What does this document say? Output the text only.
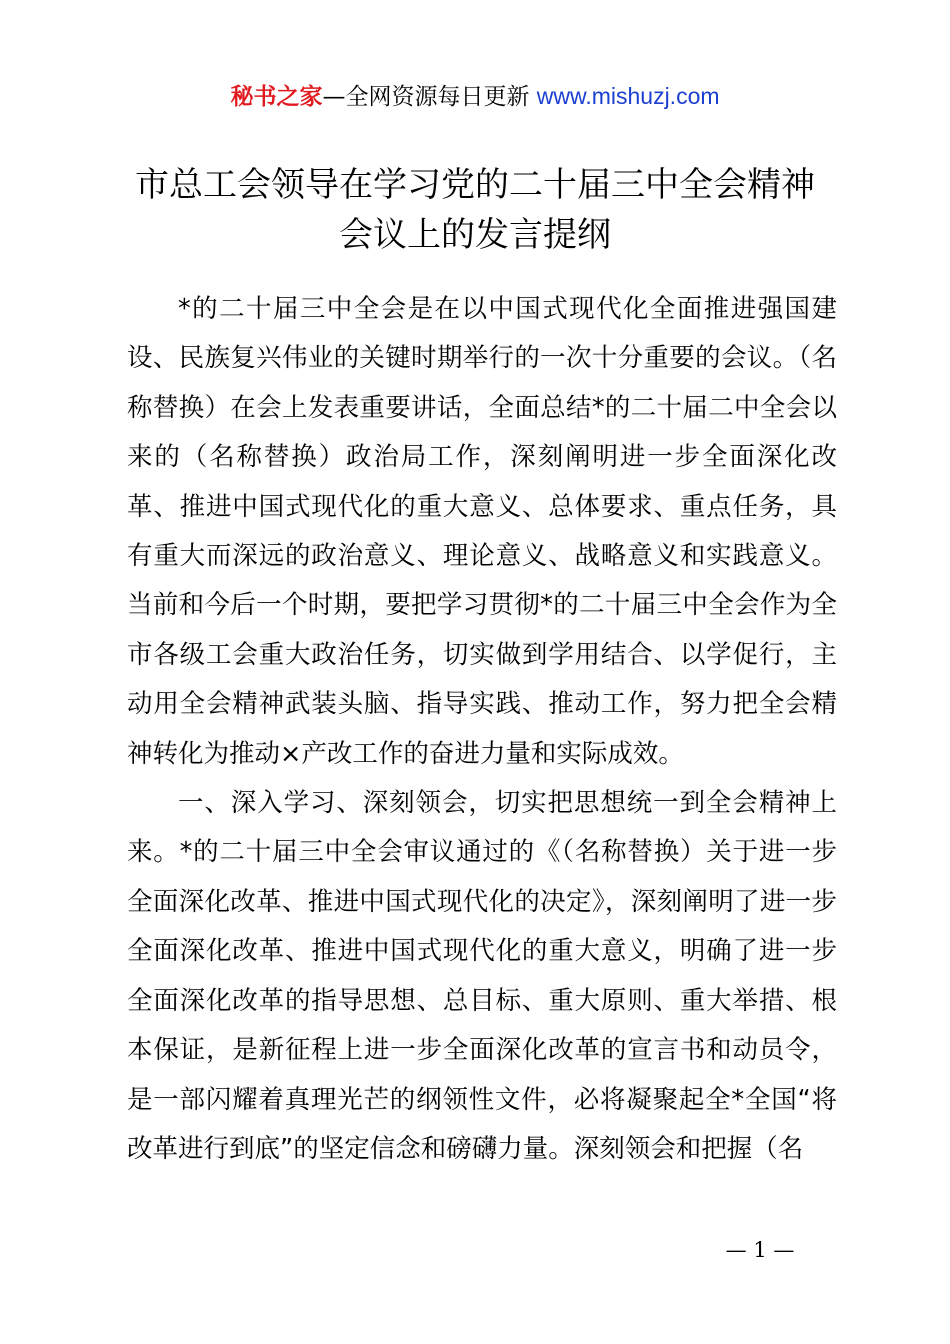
秘书之家—全网资源每日更新 www.mishuzj.com
市总工会领导在学习党的二十届三中全会精神
会议上的发言提纲

*的二十届三中全会是在以中国式现代化全面推进强国建设、民族复兴伟业的关键时期举行的一次十分重要的会议。（名称替换）在会上发表重要讲话，全面总结*的二十届二中全会以来的（名称替换）政治局工作，深刻阐明进一步全面深化改革、推进中国式现代化的重大意义、总体要求、重点任务，具有重大而深远的政治意义、理论意义、战略意义和实践意义。当前和今后一个时期，要把学习贯彻*的二十届三中全会作为全市各级工会重大政治任务，切实做到学用结合、以学促行，主动用全会精神武装头脑、指导实践、推动工作，努力把全会精神转化为推动×产改工作的奋进力量和实际成效。

一、深入学习、深刻领会，切实把思想统一到全会精神上来。*的二十届三中全会审议通过的《（名称替换）关于进一步全面深化改革、推进中国式现代化的决定》，深刻阐明了进一步全面深化改革、推进中国式现代化的重大意义，明确了进一步全面深化改革的指导思想、总目标、重大原则、重大举措、根本保证，是新征程上进一步全面深化改革的宣言书和动员令，是一部闪耀着真理光芒的纲领性文件，必将凝聚起全*全国“将改革进行到底”的坚定信念和磅礴力量。深刻领会和把握（名

— 1 —
